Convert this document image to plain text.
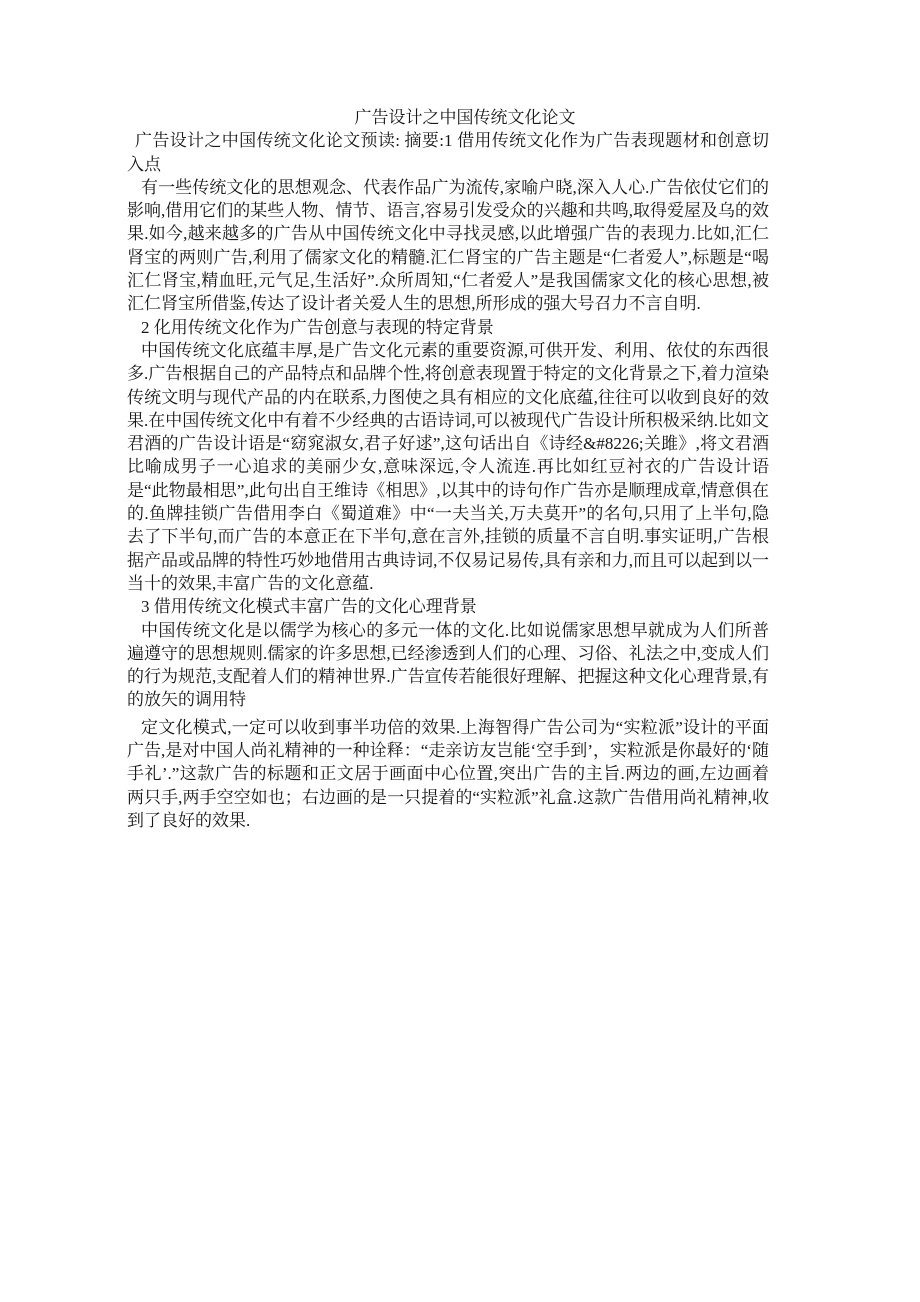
广告设计之中国传统文化论文

广告设计之中国传统文化论文预读: 摘要:1 借用传统文化作为广告表现题材和创意切入点

有一些传统文化的思想观念、代表作品广为流传,家喻户晓,深入人心.广告依仗它们的影响,借用它们的某些人物、情节、语言,容易引发受众的兴趣和共鸣,取得爱屋及乌的效果.如今,越来越多的广告从中国传统文化中寻找灵感,以此增强广告的表现力.比如,汇仁肾宝的两则广告,利用了儒家文化的精髓.汇仁肾宝的广告主题是“仁者爱人”,标题是“喝汇仁肾宝,精血旺,元气足,生活好”.众所周知,“仁者爱人”是我国儒家文化的核心思想,被汇仁肾宝所借鉴,传达了设计者关爱人生的思想,所形成的强大号召力不言自明.

2 化用传统文化作为广告创意与表现的特定背景

中国传统文化底蕴丰厚,是广告文化元素的重要资源,可供开发、利用、依仗的东西很多.广告根据自己的产品特点和品牌个性,将创意表现置于特定的文化背景之下,着力渲染传统文明与现代产品的内在联系,力图使之具有相应的文化底蕴,往往可以收到良好的效果.在中国传统文化中有着不少经典的古语诗词,可以被现代广告设计所积极采纳.比如文君酒的广告设计语是“窈窕淑女,君子好逑”,这句话出自《诗经&#8226;关雎》,将文君酒比喻成男子一心追求的美丽少女,意味深远,令人流连.再比如红豆衬衣的广告设计语是“此物最相思”,此句出自王维诗《相思》,以其中的诗句作广告亦是顺理成章,情意俱在的.鱼牌挂锁广告借用李白《蜀道难》中“一夫当关,万夫莫开”的名句,只用了上半句,隐去了下半句,而广告的本意正在下半句,意在言外,挂锁的质量不言自明.事实证明,广告根据产品或品牌的特性巧妙地借用古典诗词,不仅易记易传,具有亲和力,而且可以起到以一当十的效果,丰富广告的文化意蕴.

3 借用传统文化模式丰富广告的文化心理背景

中国传统文化是以儒学为核心的多元一体的文化.比如说儒家思想早就成为人们所普遍遵守的思想规则.儒家的许多思想,已经渗透到人们的心理、习俗、礼法之中,变成人们的行为规范,支配着人们的精神世界.广告宣传若能很好理解、把握这种文化心理背景,有的放矢的调用特

定文化模式,一定可以收到事半功倍的效果.上海智得广告公司为“实粒派”设计的平面广告,是对中国人尚礼精神的一种诠释：“走亲访友岂能‘空手到’，实粒派是你最好的‘随手礼’.”这款广告的标题和正文居于画面中心位置,突出广告的主旨.两边的画,左边画着两只手,两手空空如也；右边画的是一只提着的“实粒派”礼盒.这款广告借用尚礼精神,收到了良好的效果.
